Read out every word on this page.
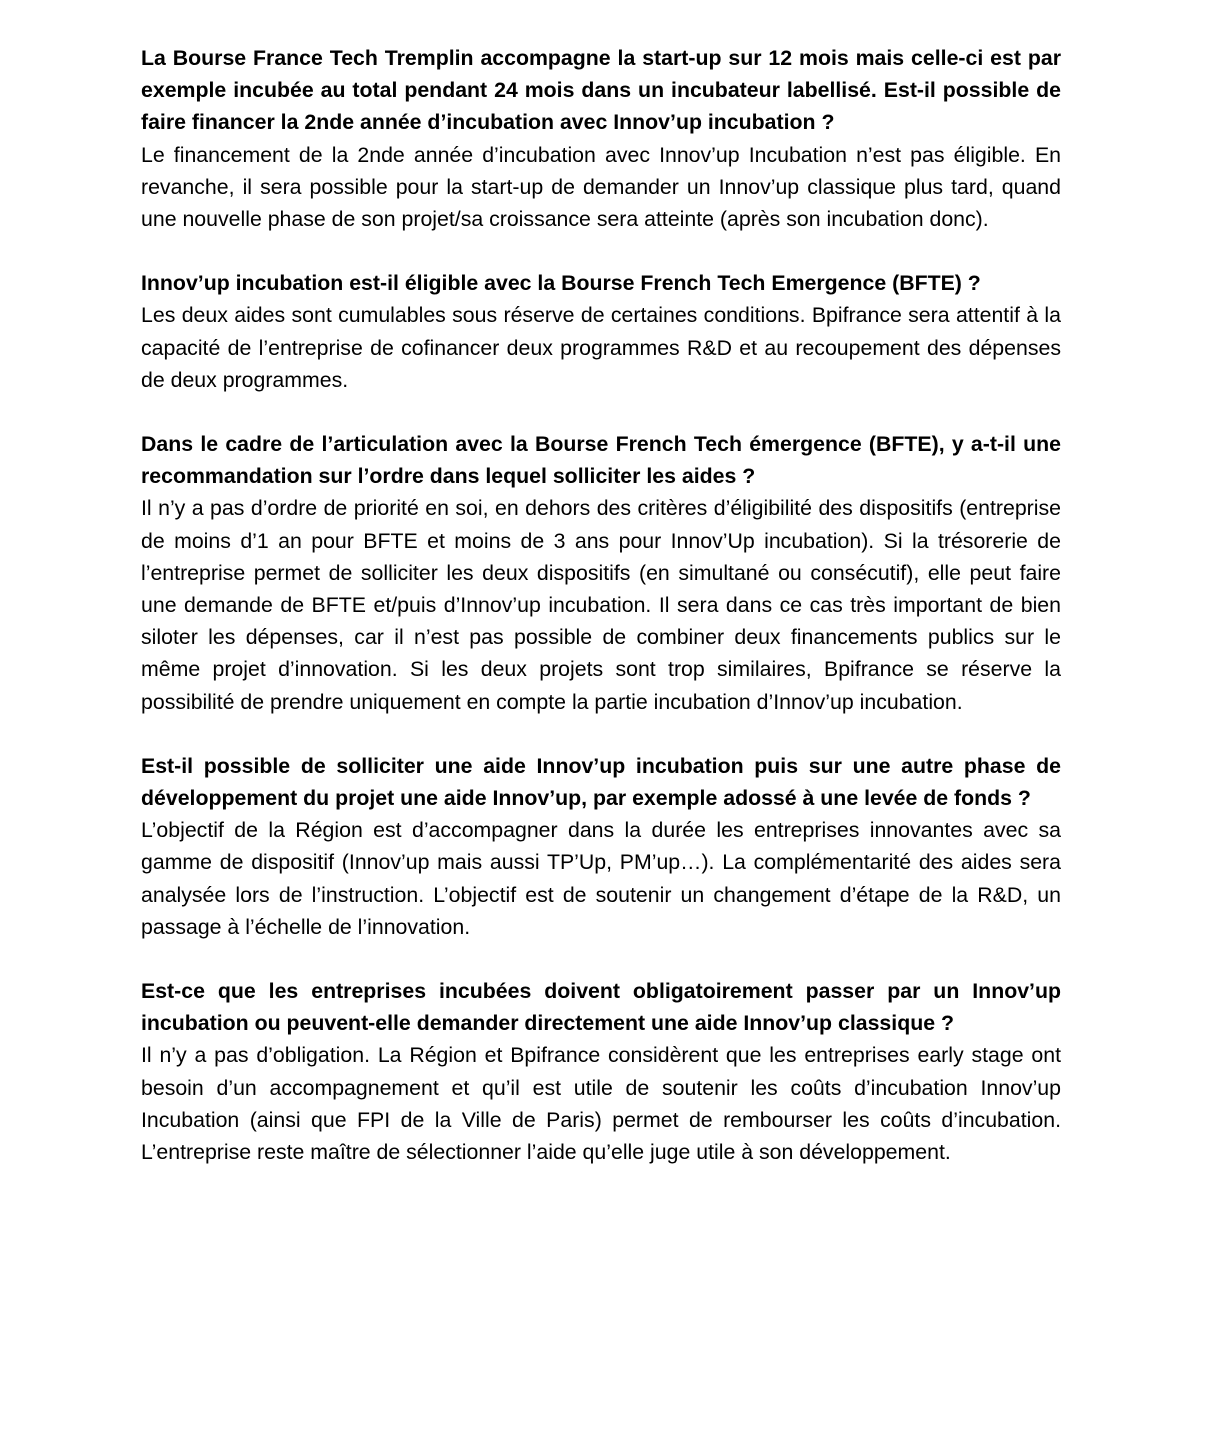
La Bourse France Tech Tremplin accompagne la start-up sur 12 mois mais celle-ci est par exemple incubée au total pendant 24 mois dans un incubateur labellisé. Est-il possible de faire financer la 2nde année d’incubation avec Innov’up incubation ?

Le financement de la 2nde année d’incubation avec Innov’up Incubation n’est pas éligible. En revanche, il sera possible pour la start-up de demander un Innov’up classique plus tard, quand une nouvelle phase de son projet/sa croissance sera atteinte (après son incubation donc).

Innov’up incubation est-il éligible avec la Bourse French Tech Emergence (BFTE) ?

Les deux aides sont cumulables sous réserve de certaines conditions. Bpifrance sera attentif à la capacité de l’entreprise de cofinancer deux programmes R&D et au recoupement des dépenses de deux programmes.

Dans le cadre de l’articulation avec la Bourse French Tech émergence (BFTE), y a-t-il une recommandation sur l’ordre dans lequel solliciter les aides ?

Il n’y a pas d’ordre de priorité en soi, en dehors des critères d’éligibilité des dispositifs (entreprise de moins d’1 an pour BFTE et moins de 3 ans pour Innov’Up incubation). Si la trésorerie de l’entreprise permet de solliciter les deux dispositifs (en simultané ou consécutif), elle peut faire une demande de BFTE et/puis d’Innov’up incubation. Il sera dans ce cas très important de bien siloter les dépenses, car il n’est pas possible de combiner deux financements publics sur le même projet d’innovation. Si les deux projets sont trop similaires, Bpifrance se réserve la possibilité de prendre uniquement en compte la partie incubation d’Innov’up incubation.

Est-il possible de solliciter une aide Innov’up incubation puis sur une autre phase de développement du projet une aide Innov’up, par exemple adossé à une levée de fonds ?

L’objectif de la Région est d’accompagner dans la durée les entreprises innovantes avec sa gamme de dispositif (Innov’up mais aussi TP’Up, PM’up…). La complémentarité des aides sera analysée lors de l’instruction. L’objectif est de soutenir un changement d’étape de la R&D, un passage à l’échelle de l’innovation.

Est-ce que les entreprises incubées doivent obligatoirement passer par un Innov’up incubation ou peuvent-elle demander directement une aide Innov’up classique ?

Il n’y a pas d’obligation. La Région et Bpifrance considèrent que les entreprises early stage ont besoin d’un accompagnement et qu’il est utile de soutenir les coûts d’incubation Innov’up Incubation (ainsi que FPI de la Ville de Paris) permet de rembourser les coûts d’incubation. L’entreprise reste maître de sélectionner l’aide qu’elle juge utile à son développement.
